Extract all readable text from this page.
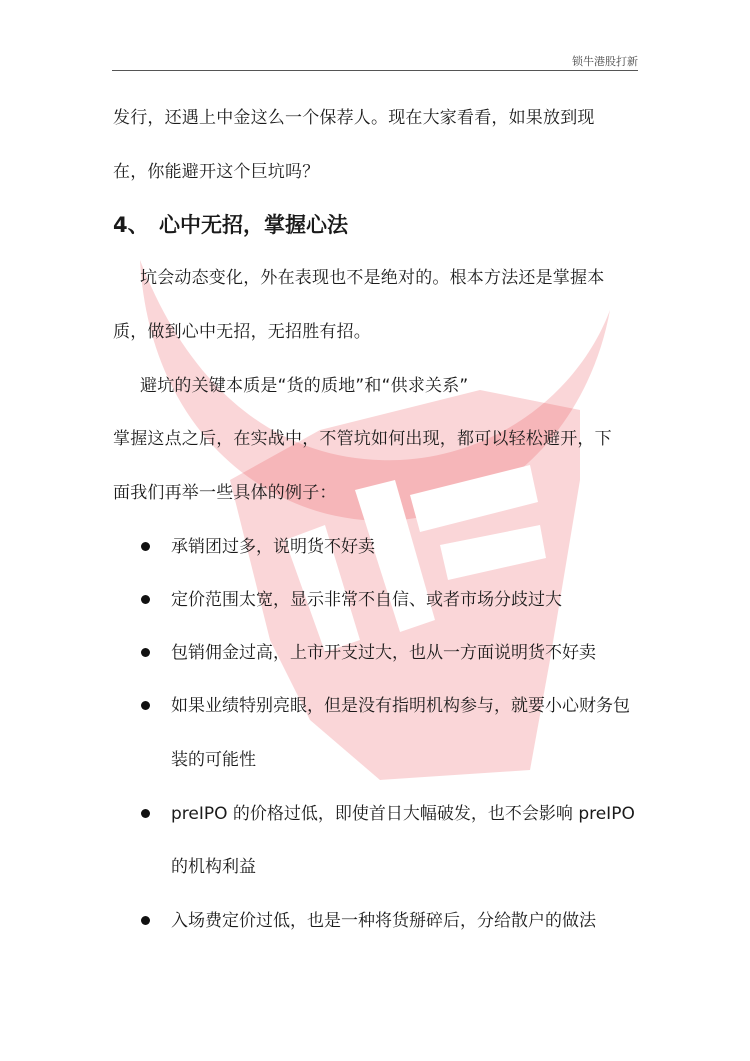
锁牛港股打新
发行，还遇上中金这么一个保荐人。现在大家看看，如果放到现
在，你能避开这个巨坑吗？
4、 心中无招，掌握心法
坑会动态变化，外在表现也不是绝对的。根本方法还是掌握本
质，做到心中无招，无招胜有招。
避坑的关键本质是“货的质地”和“供求关系”
掌握这点之后，在实战中，不管坑如何出现，都可以轻松避开，下
面我们再举一些具体的例子：
承销团过多，说明货不好卖
定价范围太宽，显示非常不自信、或者市场分歧过大
包销佣金过高，上市开支过大，也从一方面说明货不好卖
如果业绩特别亮眼，但是没有指明机构参与，就要小心财务包
装的可能性
preIPO 的价格过低，即使首日大幅破发，也不会影响 preIPO
的机构利益
入场费定价过低，也是一种将货掰碎后，分给散户的做法
